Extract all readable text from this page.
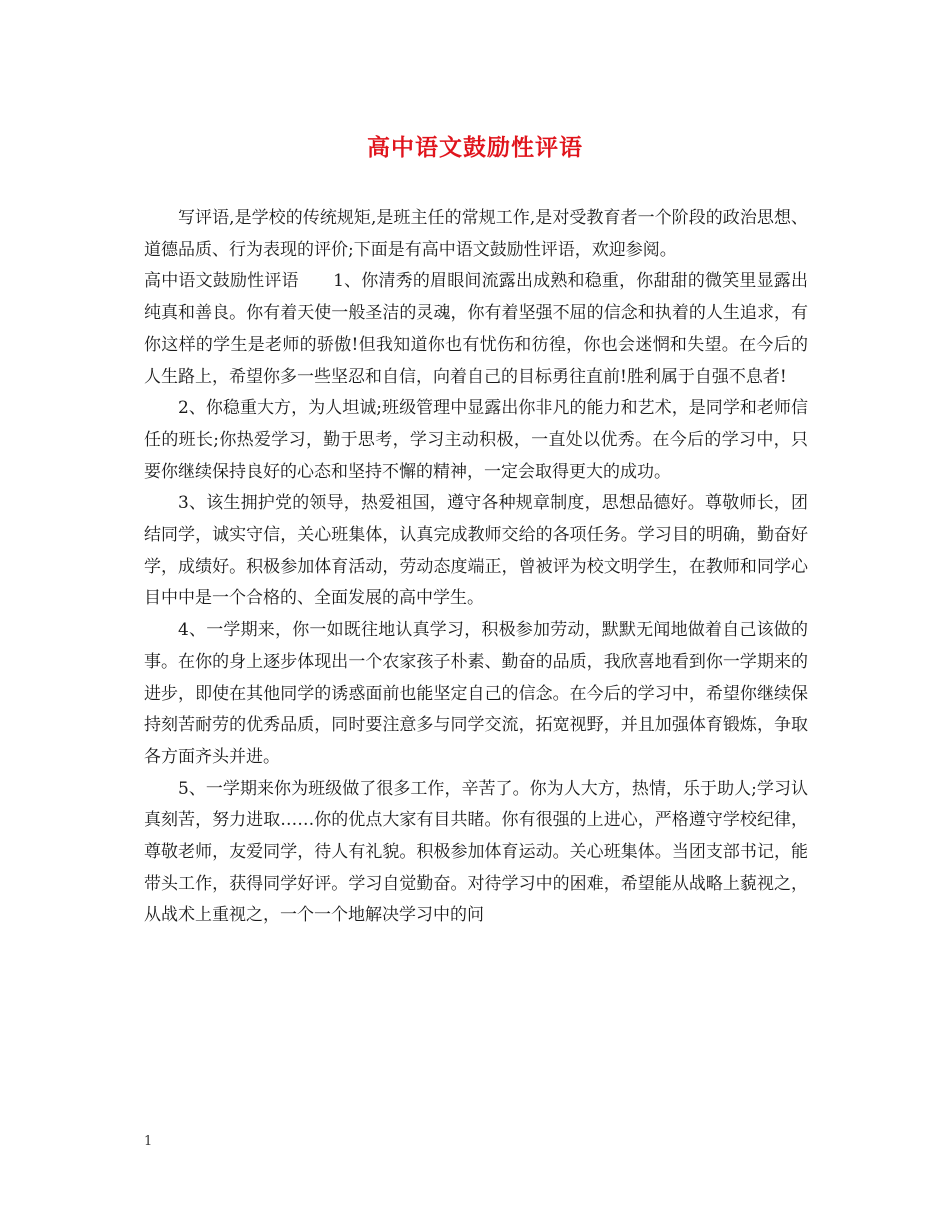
高中语文鼓励性评语

写评语,是学校的传统规矩,是班主任的常规工作,是对受教育者一个阶段的政治思想、道德品质、行为表现的评价;下面是有高中语文鼓励性评语，欢迎参阅。

高中语文鼓励性评语　　1、你清秀的眉眼间流露出成熟和稳重，你甜甜的微笑里显露出纯真和善良。你有着天使一般圣洁的灵魂，你有着坚强不屈的信念和执着的人生追求，有你这样的学生是老师的骄傲!但我知道你也有忧伤和彷徨，你也会迷惘和失望。在今后的人生路上，希望你多一些坚忍和自信，向着自己的目标勇往直前!胜利属于自强不息者!

2、你稳重大方，为人坦诚;班级管理中显露出你非凡的能力和艺术，是同学和老师信任的班长;你热爱学习，勤于思考，学习主动积极，一直处以优秀。在今后的学习中，只要你继续保持良好的心态和坚持不懈的精神，一定会取得更大的成功。

3、该生拥护党的领导，热爱祖国，遵守各种规章制度，思想品德好。尊敬师长，团结同学，诚实守信，关心班集体，认真完成教师交给的各项任务。学习目的明确，勤奋好学，成绩好。积极参加体育活动，劳动态度端正，曾被评为校文明学生，在教师和同学心目中中是一个合格的、全面发展的高中学生。

4、一学期来，你一如既往地认真学习，积极参加劳动，默默无闻地做着自己该做的事。在你的身上逐步体现出一个农家孩子朴素、勤奋的品质，我欣喜地看到你一学期来的进步，即使在其他同学的诱惑面前也能坚定自己的信念。在今后的学习中，希望你继续保持刻苦耐劳的优秀品质，同时要注意多与同学交流，拓宽视野，并且加强体育锻炼，争取各方面齐头并进。

5、一学期来你为班级做了很多工作，辛苦了。你为人大方，热情，乐于助人;学习认真刻苦，努力进取……你的优点大家有目共睹。你有很强的上进心，严格遵守学校纪律，尊敬老师，友爱同学，待人有礼貌。积极参加体育运动。关心班集体。当团支部书记，能带头工作，获得同学好评。学习自觉勤奋。对待学习中的困难，希望能从战略上藐视之，从战术上重视之，一个一个地解决学习中的问

1
